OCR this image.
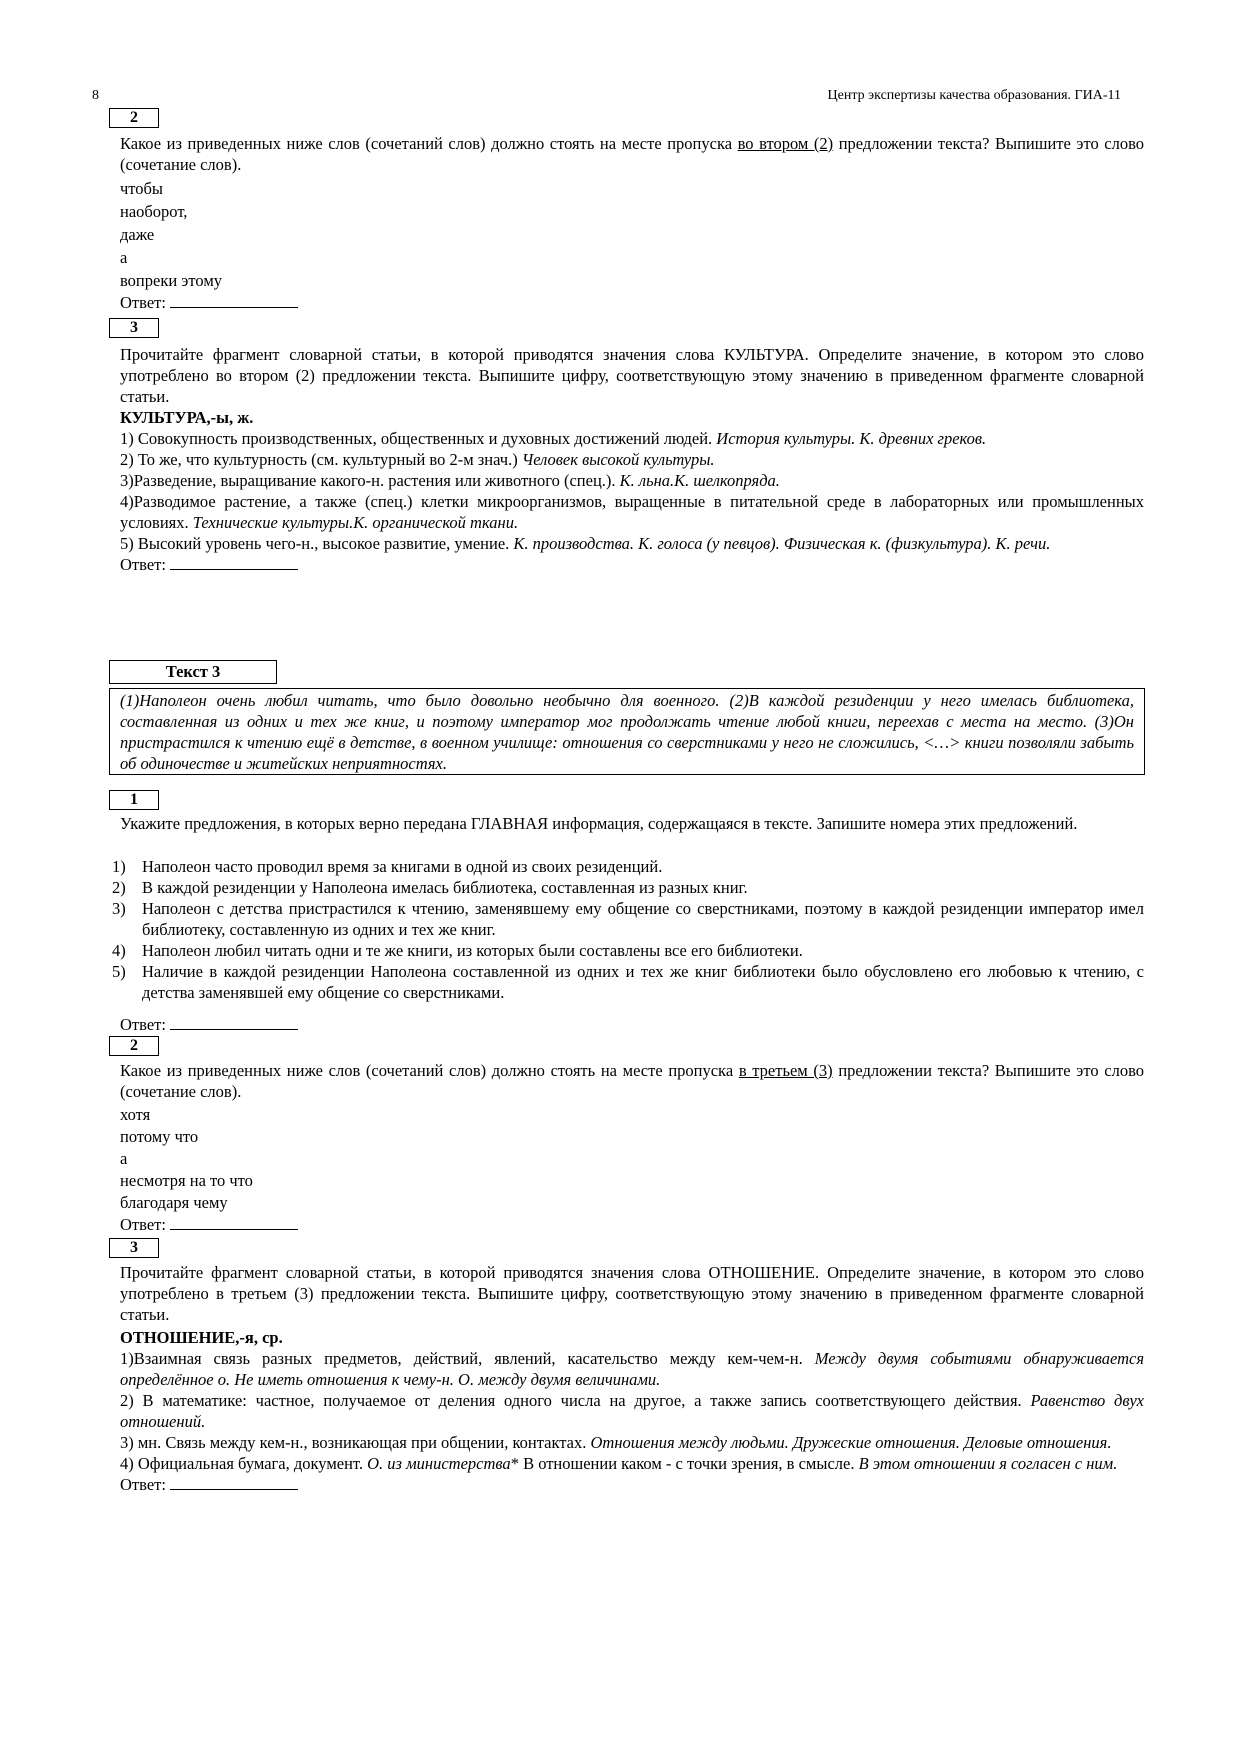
8	Центр экспертизы качества образования. ГИА-11
2
Какое из приведенных ниже слов (сочетаний слов) должно стоять на месте пропуска во втором (2) предложении текста? Выпишите это слово (сочетание слов).
чтобы
наоборот,
даже
а
вопреки этому
Ответ:
3
Прочитайте фрагмент словарной статьи, в которой приводятся значения слова КУЛЬТУРА. Определите значение, в котором это слово употреблено во втором (2) предложении текста. Выпишите цифру, соответствующую этому значению в приведенном фрагменте словарной статьи.
КУЛЬТУРА,-ы, ж.
1) Совокупность производственных, общественных и духовных достижений людей. История культуры. К. древних греков.
2) То же, что культурность (см. культурный во 2-м знач.) Человек высокой культуры.
3)Разведение, выращивание какого-н. растения или животного (спец.). К. льна.К. шелкопряда.
4)Разводимое растение, а также (спец.) клетки микроорганизмов, выращенные в питательной среде в лабораторных или промышленных условиях. Технические культуры.К. органической ткани.
5) Высокий уровень чего-н., высокое развитие, умение. К. производства. К. голоса (у певцов). Физическая к. (физкультура). К. речи.
Ответ:
Текст 3
(1)Наполеон очень любил читать, что было довольно необычно для военного. (2)В каждой резиденции у него имелась библиотека, составленная из одних и тех же книг, и поэтому император мог продолжать чтение любой книги, переехав с места на место. (3)Он пристрастился к чтению ещё в детстве, в военном училище: отношения со сверстниками у него не сложились, <…> книги позволяли забыть об одиночестве и житейских неприятностях.
1
Укажите предложения, в которых верно передана ГЛАВНАЯ информация, содержащаяся в тексте. Запишите номера этих предложений.
1) Наполеон часто проводил время за книгами в одной из своих резиденций.
2) В каждой резиденции у Наполеона имелась библиотека, составленная из разных книг.
3) Наполеон с детства пристрастился к чтению, заменявшему ему общение со сверстниками, поэтому в каждой резиденции император имел библиотеку, составленную из одних и тех же книг.
4) Наполеон любил читать одни и те же книги, из которых были составлены все его библиотеки.
5) Наличие в каждой резиденции Наполеона составленной из одних и тех же книг библиотеки было обусловлено его любовью к чтению, с детства заменявшей ему общение со сверстниками.
Ответ:
2
Какое из приведенных ниже слов (сочетаний слов) должно стоять на месте пропуска в третьем (3) предложении текста? Выпишите это слово (сочетание слов).
хотя
потому что
а
несмотря на то что
благодаря чему
Ответ:
3
Прочитайте фрагмент словарной статьи, в которой приводятся значения слова ОТНОШЕНИЕ. Определите значение, в котором это слово употреблено в третьем (3) предложении текста. Выпишите цифру, соответствующую этому значению в приведенном фрагменте словарной статьи.
ОТНОШЕНИЕ,-я, ср.
1)Взаимная связь разных предметов, действий, явлений, касательство между кем-чем-н. Между двумя событиями обнаруживается определённое о. Не иметь отношения к чему-н. О. между двумя величинами.
2) В математике: частное, получаемое от деления одного числа на другое, а также запись соответствующего действия. Равенство двух отношений.
3) мн. Связь между кем-н., возникающая при общении, контактах. Отношения между людьми. Дружеские отношения. Деловые отношения.
4) Официальная бумага, документ. О. из министерства* В отношении каком - с точки зрения, в смысле. В этом отношении я согласен с ним.
Ответ:
